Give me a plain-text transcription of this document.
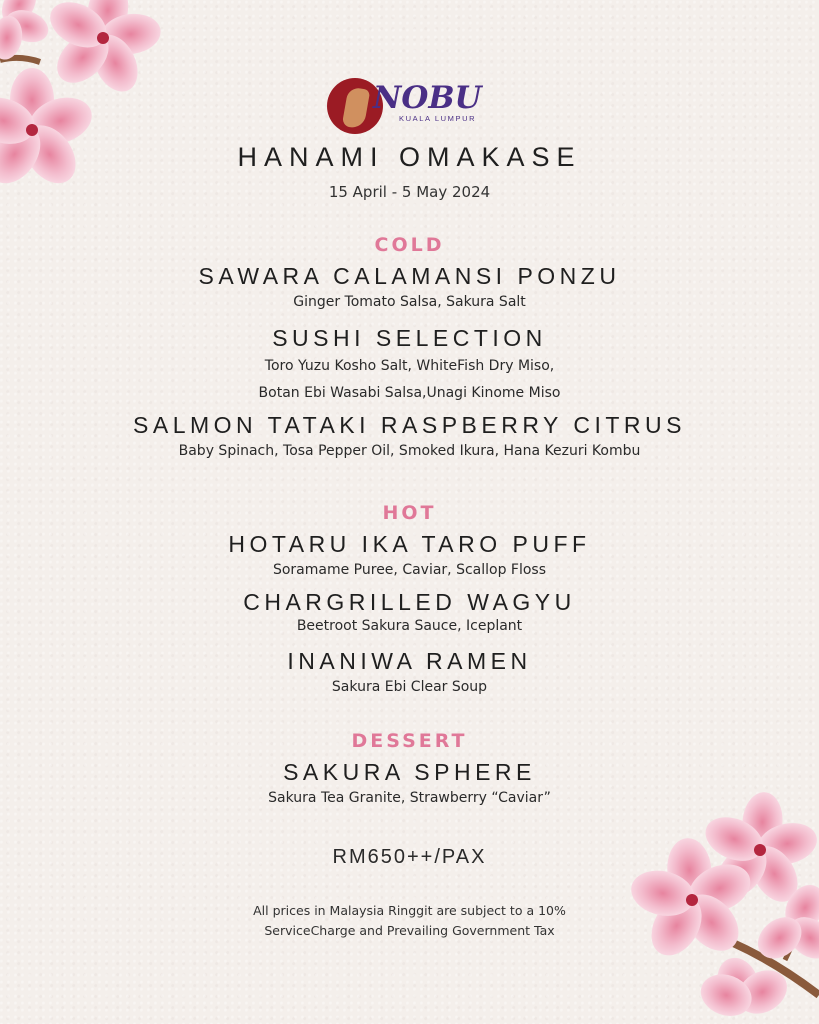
NOBU
KUALA LUMPUR
HANAMI OMAKASE
15 April - 5 May 2024
COLD
SAWARA CALAMANSI PONZU
Ginger Tomato Salsa, Sakura Salt
SUSHI SELECTION
Toro Yuzu Kosho Salt, WhiteFish Dry Miso,
Botan Ebi Wasabi Salsa,Unagi Kinome Miso
SALMON TATAKI RASPBERRY CITRUS
Baby Spinach, Tosa Pepper Oil, Smoked Ikura, Hana Kezuri Kombu
HOT
HOTARU IKA TARO PUFF
Soramame Puree, Caviar, Scallop Floss
CHARGRILLED WAGYU
Beetroot Sakura Sauce, Iceplant
INANIWA RAMEN
Sakura Ebi Clear Soup
DESSERT
SAKURA SPHERE
Sakura Tea Granite, Strawberry “Caviar”
RM650++/PAX
All prices in Malaysia Ringgit are subject to a 10%
ServiceCharge and Prevailing Government Tax
